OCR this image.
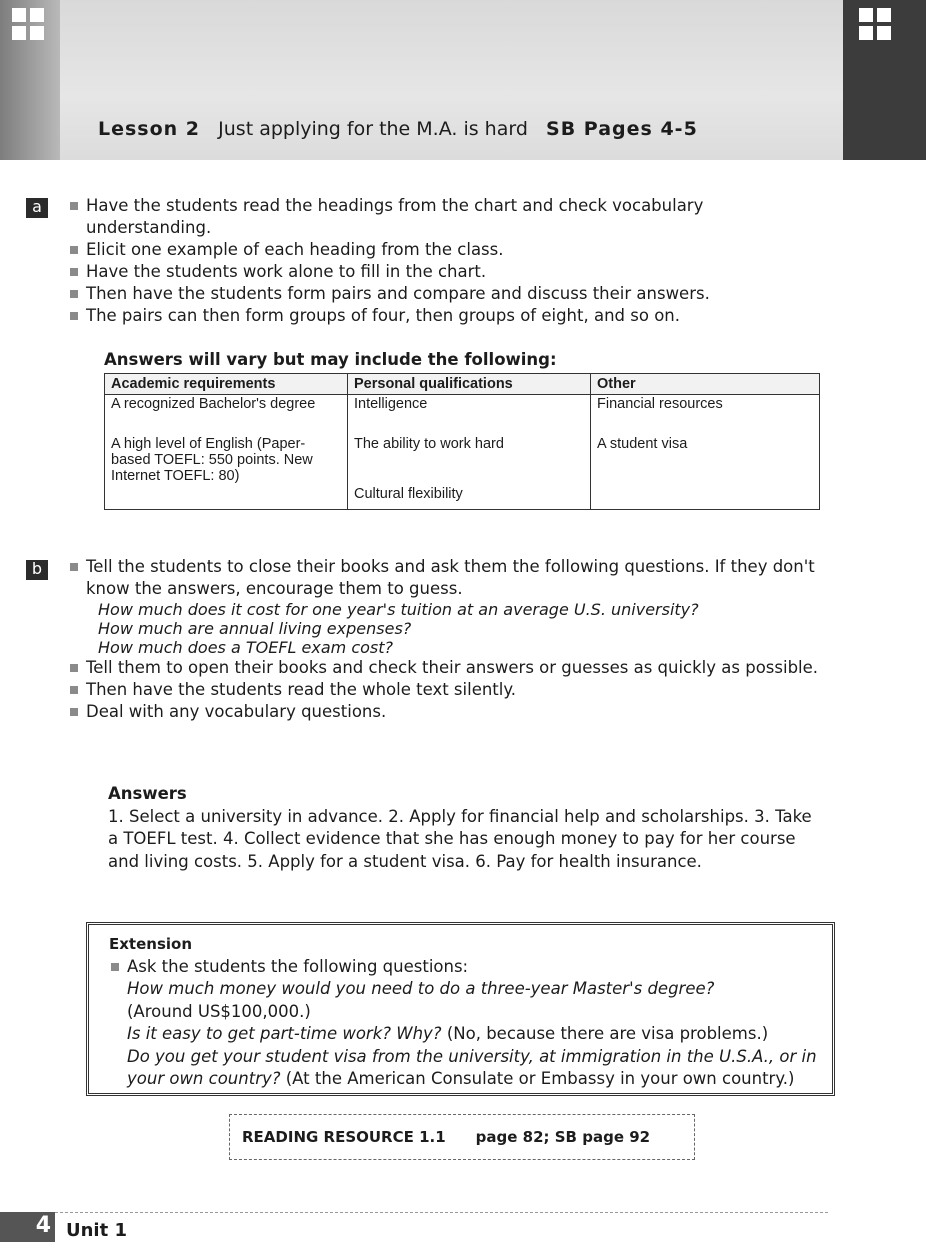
Lesson 2 Just applying for the M.A. is hard SB Pages 4-5
a	Have the students read the headings from the chart and check vocabulary understanding.
Elicit one example of each heading from the class.
Have the students work alone to fill in the chart.
Then have the students form pairs and compare and discuss their answers.
The pairs can then form groups of four, then groups of eight, and so on.
Answers will vary but may include the following:
Academic requirements	Personal qualifications	Other
A recognized Bachelor's degree	Intelligence	Financial resources
A high level of English (Paper-based TOEFL: 550 points. New Internet TOEFL: 80)	The ability to work hard	A student visa
	Cultural flexibility	
b	Tell the students to close their books and ask them the following questions. If they don't know the answers, encourage them to guess.
How much does it cost for one year's tuition at an average U.S. university?
How much are annual living expenses?
How much does a TOEFL exam cost?
Tell them to open their books and check their answers or guesses as quickly as possible.
Then have the students read the whole text silently.
Deal with any vocabulary questions.
Answers
1. Select a university in advance. 2. Apply for financial help and scholarships. 3. Take a TOEFL test. 4. Collect evidence that she has enough money to pay for her course and living costs. 5. Apply for a student visa. 6. Pay for health insurance.
Extension
Ask the students the following questions:
How much money would you need to do a three-year Master's degree?
(Around US$100,000.)
Is it easy to get part-time work? Why? (No, because there are visa problems.)
Do you get your student visa from the university, at immigration in the U.S.A., or in your own country? (At the American Consulate or Embassy in your own country.)
READING RESOURCE 1.1 page 82; SB page 92
4 Unit 1
